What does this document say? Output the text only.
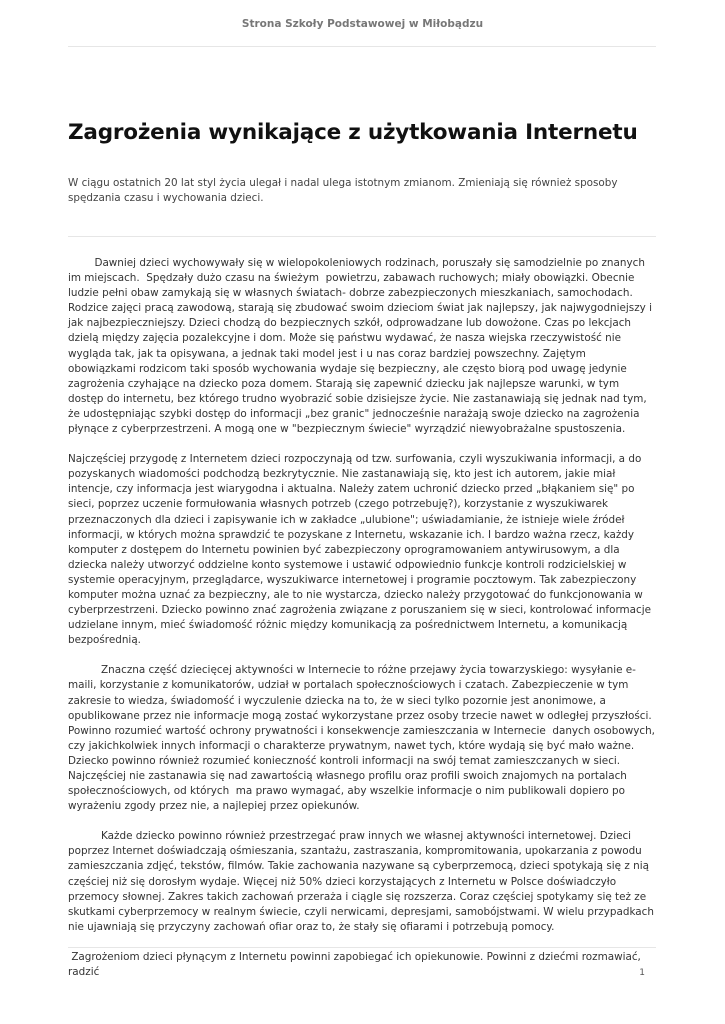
Strona Szkoły Podstawowej w Miłobądzu
Zagrożenia wynikające z użytkowania Internetu

W ciągu ostatnich 20 lat styl życia ulegał i nadal ulega istotnym zmianom. Zmieniają się również sposoby spędzania czasu i wychowania dzieci.

Dawniej dzieci wychowywały się w wielopokoleniowych rodzinach, poruszały się samodzielnie po znanych im miejscach.  Spędzały dużo czasu na świeżym  powietrzu, zabawach ruchowych; miały obowiązki. Obecnie ludzie pełni obaw zamykają się w własnych światach- dobrze zabezpieczonych mieszkaniach, samochodach. Rodzice zajęci pracą zawodową, starają się zbudować swoim dzieciom świat jak najlepszy, jak najwygodniejszy i jak najbezpieczniejszy. Dzieci chodzą do bezpiecznych szkół, odprowadzane lub dowożone. Czas po lekcjach dzielą między zajęcia pozalekcyjne i dom. Może się państwu wydawać, że nasza wiejska rzeczywistość nie wygląda tak, jak ta opisywana, a jednak taki model jest i u nas coraz bardziej powszechny. Zajętym obowiązkami rodzicom taki sposób wychowania wydaje się bezpieczny, ale często biorą pod uwagę jedynie zagrożenia czyhające na dziecko poza domem. Starają się zapewnić dziecku jak najlepsze warunki, w tym dostęp do internetu, bez którego trudno wyobrazić sobie dzisiejsze życie. Nie zastanawiają się jednak nad tym, że udostępniając szybki dostęp do informacji „bez granic" jednocześnie narażają swoje dziecko na zagrożenia płynące z cyberprzestrzeni. A mogą one w "bezpiecznym świecie" wyrządzić niewyobrażalne spustoszenia.

Najczęściej przygodę z Internetem dzieci rozpoczynają od tzw. surfowania, czyli wyszukiwania informacji, a do pozyskanych wiadomości podchodzą bezkrytycznie. Nie zastanawiają się, kto jest ich autorem, jakie miał intencje, czy informacja jest wiarygodna i aktualna. Należy zatem uchronić dziecko przed „błąkaniem się" po sieci, poprzez uczenie formułowania własnych potrzeb (czego potrzebuję?), korzystanie z wyszukiwarek przeznaczonych dla dzieci i zapisywanie ich w zakładce „ulubione"; uświadamianie, że istnieje wiele źródeł informacji, w których można sprawdzić te pozyskane z Internetu, wskazanie ich. I bardzo ważna rzecz, każdy komputer z dostępem do Internetu powinien być zabezpieczony oprogramowaniem antywirusowym, a dla dziecka należy utworzyć oddzielne konto systemowe i ustawić odpowiednio funkcje kontroli rodzicielskiej w systemie operacyjnym, przeglądarce, wyszukiwarce internetowej i programie pocztowym. Tak zabezpieczony komputer można uznać za bezpieczny, ale to nie wystarcza, dziecko należy przygotować do funkcjonowania w cyberprzestrzeni. Dziecko powinno znać zagrożenia związane z poruszaniem się w sieci, kontrolować informacje udzielane innym, mieć świadomość różnic między komunikacją za pośrednictwem Internetu, a komunikacją bezpośrednią.

Znaczna część dziecięcej aktywności w Internecie to różne przejawy życia towarzyskiego: wysyłanie e- maili, korzystanie z komunikatorów, udział w portalach społecznościowych i czatach. Zabezpieczenie w tym zakresie to wiedza, świadomość i wyczulenie dziecka na to, że w sieci tylko pozornie jest anonimowe, a opublikowane przez nie informacje mogą zostać wykorzystane przez osoby trzecie nawet w odległej przyszłości.  Powinno rozumieć wartość ochrony prywatności i konsekwencje zamieszczania w Internecie  danych osobowych, czy jakichkolwiek innych informacji o charakterze prywatnym, nawet tych, które wydają się być mało ważne.  Dziecko powinno również rozumieć konieczność kontroli informacji na swój temat zamieszczanych w sieci. Najczęściej nie zastanawia się nad zawartością własnego profilu oraz profili swoich znajomych na portalach społecznościowych, od których  ma prawo wymagać, aby wszelkie informacje o nim publikowali dopiero po wyrażeniu zgody przez nie, a najlepiej przez opiekunów.

Każde dziecko powinno również przestrzegać praw innych we własnej aktywności internetowej. Dzieci poprzez Internet doświadczają ośmieszania, szantażu, zastraszania, kompromitowania, upokarzania z powodu zamieszczania zdjęć, tekstów, filmów. Takie zachowania nazywane są cyberprzemocą, dzieci spotykają się z nią częściej niż się dorosłym wydaje. Więcej niż 50% dzieci korzystających z Internetu w Polsce doświadczyło przemocy słownej. Zakres takich zachowań przeraża i ciągle się rozszerza. Coraz częściej spotykamy się też ze skutkami cyberprzemocy w realnym świecie, czyli nerwicami, depresjami, samobójstwami. W wielu przypadkach nie ujawniają się przyczyny zachowań ofiar oraz to, że stały się ofiarami i potrzebują pomocy.

Zagrożeniom dzieci płynącym z Internetu powinni zapobiegać ich opiekunowie. Powinni z dziećmi rozmawiać, radzić	1
